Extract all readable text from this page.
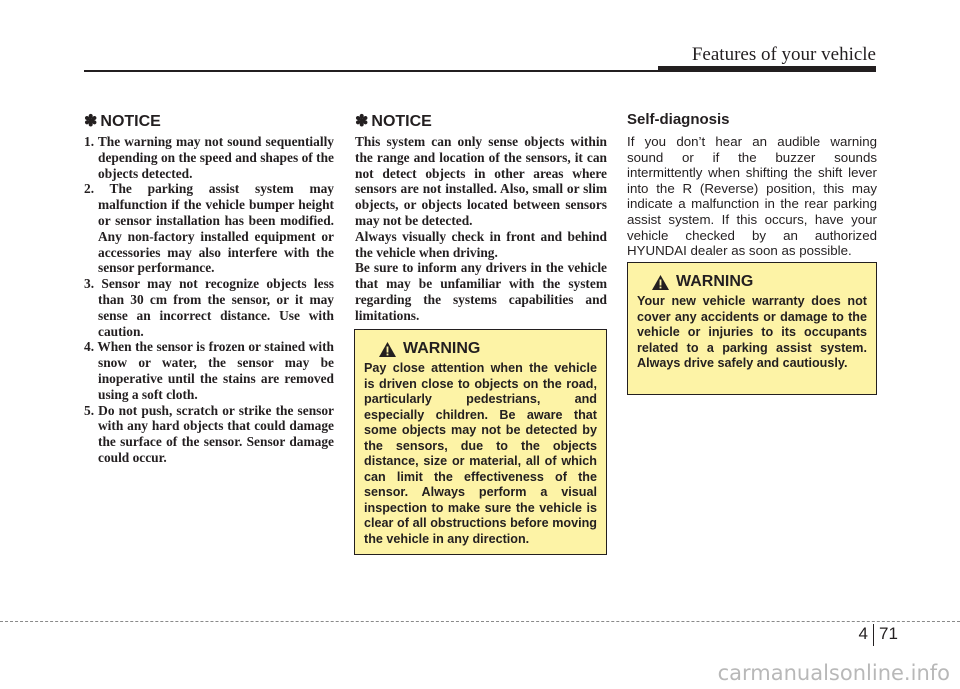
Features of your vehicle
✽ NOTICE
1. The warning may not sound sequentially depending on the speed and shapes of the objects detected.
2. The parking assist system may malfunction if the vehicle bumper height or sensor installation has been modified. Any non-factory installed equipment or accessories may also interfere with the sensor performance.
3. Sensor may not recognize objects less than 30 cm from the sensor, or it may sense an incorrect distance. Use with caution.
4. When the sensor is frozen or stained with snow or water, the sensor may be inoperative until the stains are removed using a soft cloth.
5. Do not push, scratch or strike the sensor with any hard objects that could damage the surface of the sensor. Sensor damage could occur.
✽ NOTICE

This system can only sense objects within the range and location of the sensors, it can not detect objects in other areas where sensors are not installed. Also, small or slim objects, or objects located between sensors may not be detected.

Always visually check in front and behind the vehicle when driving.

Be sure to inform any drivers in the vehicle that may be unfamiliar with the system regarding the systems capabilities and limitations.

WARNING

Pay close attention when the vehicle is driven close to objects on the road, particularly pedestrians, and especially children. Be aware that some objects may not be detected by the sensors, due to the objects distance, size or material, all of which can limit the effectiveness of the sensor. Always perform a visual inspection to make sure the vehicle is clear of all obstructions before moving the vehicle in any direction.

Self-diagnosis

If you don’t hear an audible warning sound or if the buzzer sounds intermittently when shifting the shift lever into the R (Reverse) position, this may indicate a malfunction in the rear parking assist system. If this occurs, have your vehicle checked by an authorized HYUNDAI dealer as soon as possible.

WARNING

Your new vehicle warranty does not cover any accidents or damage to the vehicle or injuries to its occupants related to a parking assist system. Always drive safely and cautiously.

4 71
carmanualsonline.info
